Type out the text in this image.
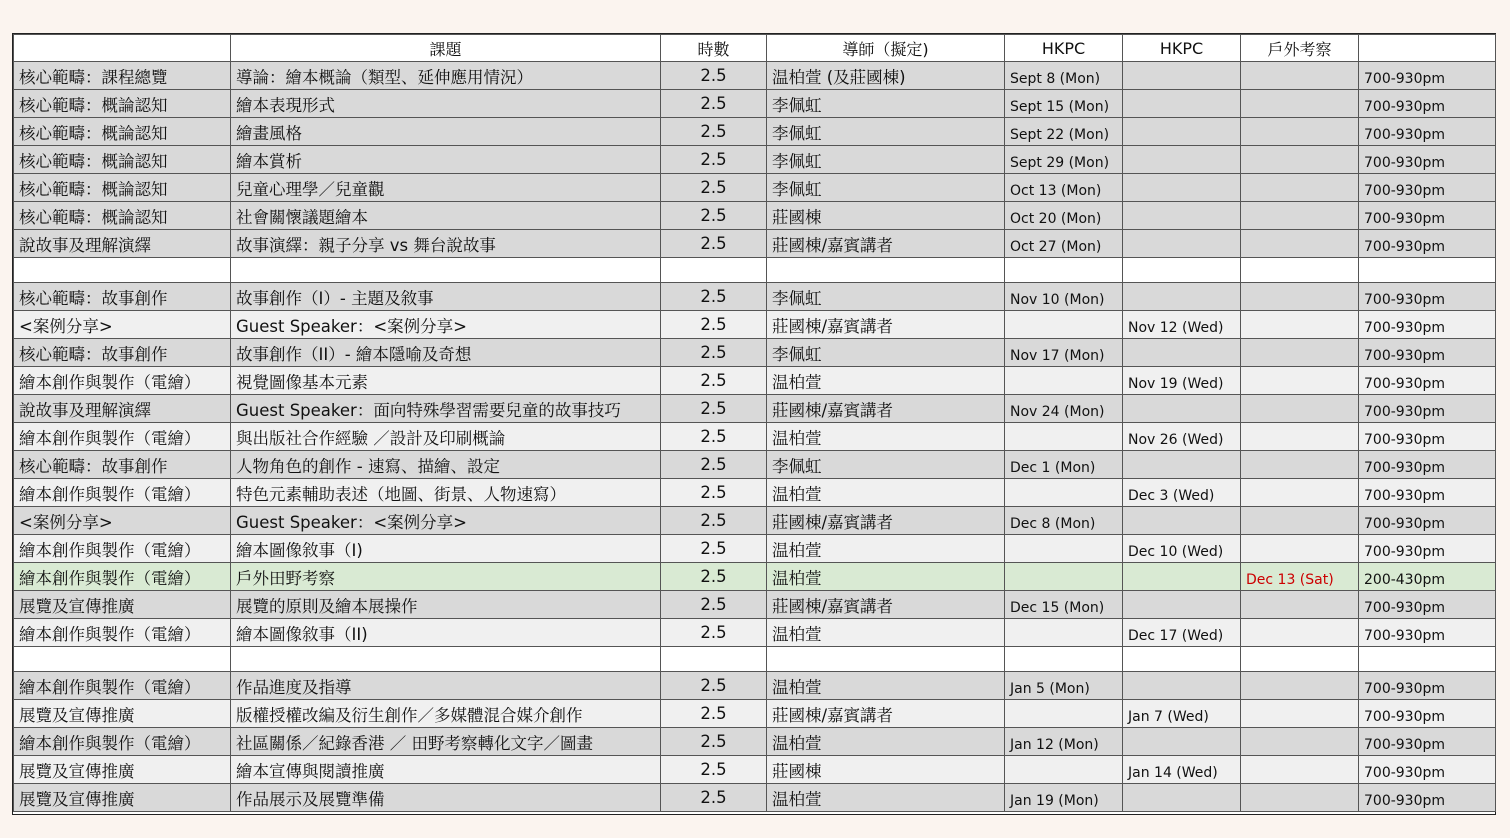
	課題	時數	導師（擬定)	HKPC	HKPC	戶外考察	
核心範疇：課程總覽	導論：繪本概論（類型、延伸應用情況）	2.5	温柏萱 (及莊國棟)	Sept 8 (Mon)			700-930pm
核心範疇：概論認知	繪本表現形式	2.5	李佩虹	Sept 15 (Mon)			700-930pm
核心範疇：概論認知	繪畫風格	2.5	李佩虹	Sept 22 (Mon)			700-930pm
核心範疇：概論認知	繪本賞析	2.5	李佩虹	Sept 29 (Mon)			700-930pm
核心範疇：概論認知	兒童心理學／兒童觀	2.5	李佩虹	Oct 13 (Mon)			700-930pm
核心範疇：概論認知	社會關懷議題繪本	2.5	莊國棟	Oct 20 (Mon)			700-930pm
說故事及理解演繹	故事演繹：親子分享 vs 舞台說故事	2.5	莊國棟/嘉賓講者	Oct 27 (Mon)			700-930pm

核心範疇：故事創作	故事創作（I）- 主題及敘事	2.5	李佩虹	Nov 10 (Mon)			700-930pm
<案例分享>	Guest Speaker：<案例分享>	2.5	莊國棟/嘉賓講者		Nov 12 (Wed)		700-930pm
核心範疇：故事創作	故事創作（II）- 繪本隱喻及奇想	2.5	李佩虹	Nov 17 (Mon)			700-930pm
繪本創作與製作（電繪）	視覺圖像基本元素	2.5	温柏萱		Nov 19 (Wed)		700-930pm
說故事及理解演繹	Guest Speaker：面向特殊學習需要兒童的故事技巧	2.5	莊國棟/嘉賓講者	Nov 24 (Mon)			700-930pm
繪本創作與製作（電繪）	與出版社合作經驗 ／設計及印刷概論	2.5	温柏萱		Nov 26 (Wed)		700-930pm
核心範疇：故事創作	人物角色的創作 - 速寫、描繪、設定	2.5	李佩虹	Dec 1 (Mon)			700-930pm
繪本創作與製作（電繪）	特色元素輔助表述（地圖、街景、人物速寫）	2.5	温柏萱		Dec 3 (Wed)		700-930pm
<案例分享>	Guest Speaker：<案例分享>	2.5	莊國棟/嘉賓講者	Dec 8 (Mon)			700-930pm
繪本創作與製作（電繪）	繪本圖像敘事（I)	2.5	温柏萱		Dec 10 (Wed)		700-930pm
繪本創作與製作（電繪）	戶外田野考察	2.5	温柏萱			Dec 13 (Sat)	200-430pm
展覽及宣傳推廣	展覽的原則及繪本展操作	2.5	莊國棟/嘉賓講者	Dec 15 (Mon)			700-930pm
繪本創作與製作（電繪）	繪本圖像敘事（II)	2.5	温柏萱		Dec 17 (Wed)		700-930pm

繪本創作與製作（電繪）	作品進度及指導	2.5	温柏萱	Jan 5 (Mon)			700-930pm
展覽及宣傳推廣	版權授權改編及衍生創作／多媒體混合媒介創作	2.5	莊國棟/嘉賓講者		Jan 7 (Wed)		700-930pm
繪本創作與製作（電繪）	社區關係／紀錄香港 ／ 田野考察轉化文字／圖畫	2.5	温柏萱	Jan 12 (Mon)			700-930pm
展覽及宣傳推廣	繪本宣傳與閱讀推廣	2.5	莊國棟		Jan 14 (Wed)		700-930pm
展覽及宣傳推廣	作品展示及展覽準備	2.5	温柏萱	Jan 19 (Mon)			700-930pm
